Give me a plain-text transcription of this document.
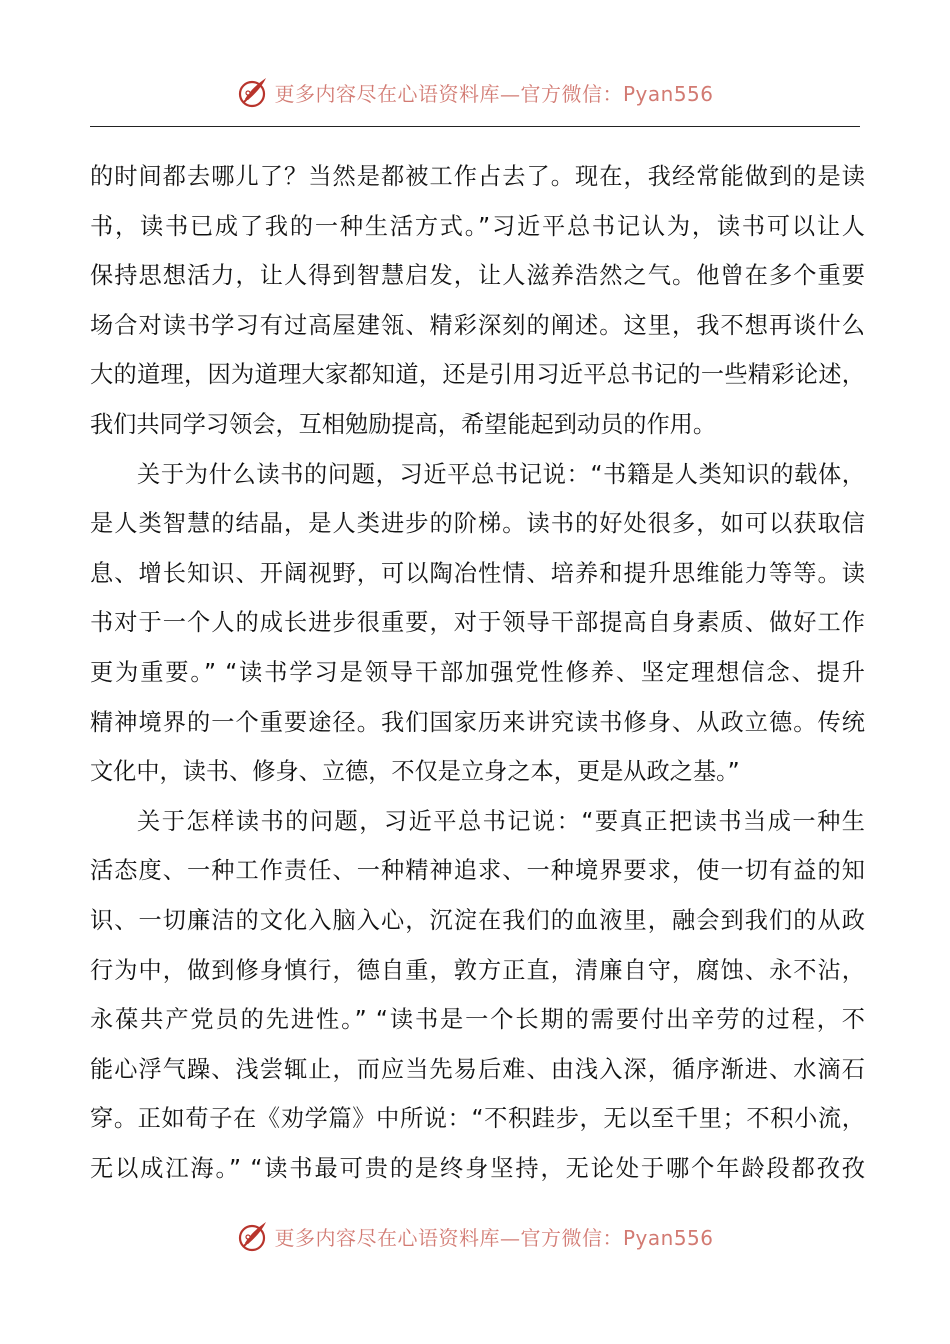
更多内容尽在心语资料库—官方微信：Pyan556
的时间都去哪儿了？当然是都被工作占去了。现在，我经常能做到的是读
书，读书已成了我的一种生活方式。”习近平总书记认为，读书可以让人
保持思想活力，让人得到智慧启发，让人滋养浩然之气。他曾在多个重要
场合对读书学习有过高屋建瓴、精彩深刻的阐述。这里，我不想再谈什么
大的道理，因为道理大家都知道，还是引用习近平总书记的一些精彩论述，
我们共同学习领会，互相勉励提高，希望能起到动员的作用。
关于为什么读书的问题，习近平总书记说：“书籍是人类知识的载体，
是人类智慧的结晶，是人类进步的阶梯。读书的好处很多，如可以获取信
息、增长知识、开阔视野，可以陶冶性情、培养和提升思维能力等等。读
书对于一个人的成长进步很重要，对于领导干部提高自身素质、做好工作
更为重要。” “读书学习是领导干部加强党性修养、坚定理想信念、提升
精神境界的一个重要途径。我们国家历来讲究读书修身、从政立德。传统
文化中，读书、修身、立德，不仅是立身之本，更是从政之基。”
关于怎样读书的问题，习近平总书记说：“要真正把读书当成一种生
活态度、一种工作责任、一种精神追求、一种境界要求，使一切有益的知
识、一切廉洁的文化入脑入心，沉淀在我们的血液里，融会到我们的从政
行为中，做到修身慎行，德自重，敦方正直，清廉自守，腐蚀、永不沾，
永葆共产党员的先进性。” “读书是一个长期的需要付出辛劳的过程，不
能心浮气躁、浅尝辄止，而应当先易后难、由浅入深，循序渐进、水滴石
穿。正如荀子在《劝学篇》中所说：“不积跬步，无以至千里；不积小流，
无以成江海。” “读书最可贵的是终身坚持，无论处于哪个年龄段都孜孜
更多内容尽在心语资料库—官方微信：Pyan556
